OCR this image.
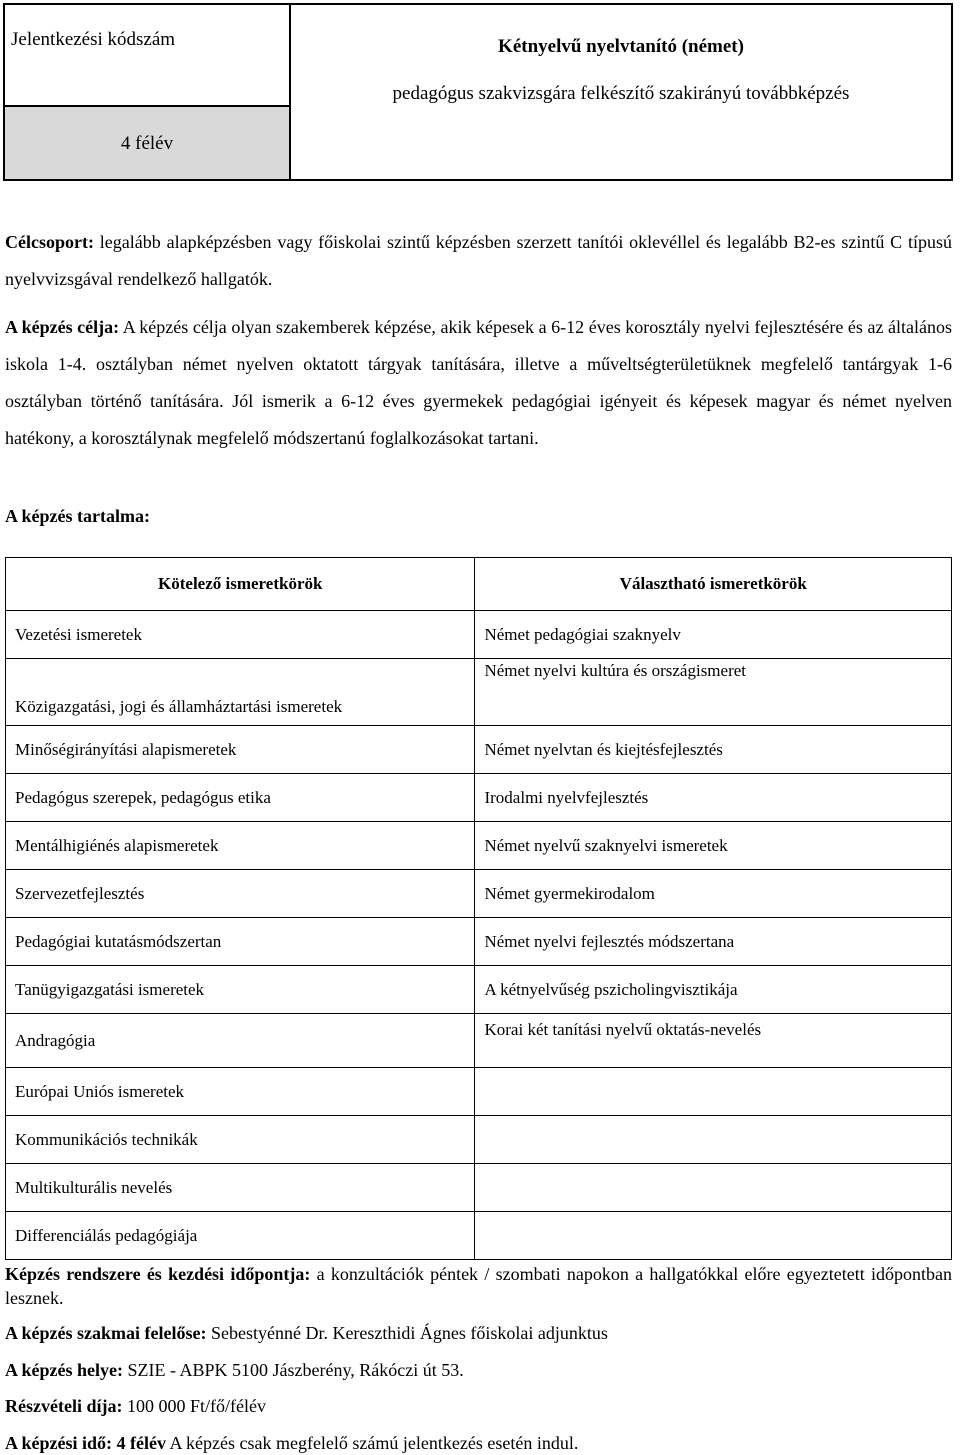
Jelentkezési kódszám
4 félév
Kétnyelvű nyelvtanító (német)
pedagógus szakvizsgára felkészítő szakirányú továbbképzés
Célcsoport: legalább alapképzésben vagy főiskolai szintű képzésben szerzett tanítói oklevéllel és legalább B2-es szintű C típusú nyelvvizsgával rendelkező hallgatók.
A képzés célja: A képzés célja olyan szakemberek képzése, akik képesek a 6-12 éves korosztály nyelvi fejlesztésére és az általános iskola 1-4. osztályban német nyelven oktatott tárgyak tanítására, illetve a műveltségterületüknek megfelelő tantárgyak 1-6 osztályban történő tanítására. Jól ismerik a 6-12 éves gyermekek pedagógiai igényeit és képesek magyar és német nyelven hatékony, a korosztálynak megfelelő módszertanú foglalkozásokat tartani.
A képzés tartalma:
Kötelező ismeretkörök	Választható ismeretkörök
Vezetési ismeretek	Német pedagógiai szaknyelv
Közigazgatási, jogi és államháztartási ismeretek	Német nyelvi kultúra és országismeret
Minőségirányítási alapismeretek	Német nyelvtan és kiejtésfejlesztés
Pedagógus szerepek, pedagógus etika	Irodalmi nyelvfejlesztés
Mentálhigiénés alapismeretek	Német nyelvű szaknyelvi ismeretek
Szervezetfejlesztés	Német gyermekirodalom
Pedagógiai kutatásmódszertan	Német nyelvi fejlesztés módszertana
Tanügyigazgatási ismeretek	A kétnyelvűség pszicholingvisztikája
Andragógia	Korai két tanítási nyelvű oktatás-nevelés
Európai Uniós ismeretek	
Kommunikációs technikák	
Multikulturális nevelés	
Differenciálás pedagógiája	
Képzés rendszere és kezdési időpontja: a konzultációk péntek / szombati napokon a hallgatókkal előre egyeztetett időpontban lesznek.
A képzés szakmai felelőse: Sebestyénné Dr. Kereszthidi Ágnes főiskolai adjunktus
A képzés helye: SZIE - ABPK 5100 Jászberény, Rákóczi út 53.
Részvételi díja: 100 000 Ft/fő/félév
A képzési idő: 4 félév A képzés csak megfelelő számú jelentkezés esetén indul.
